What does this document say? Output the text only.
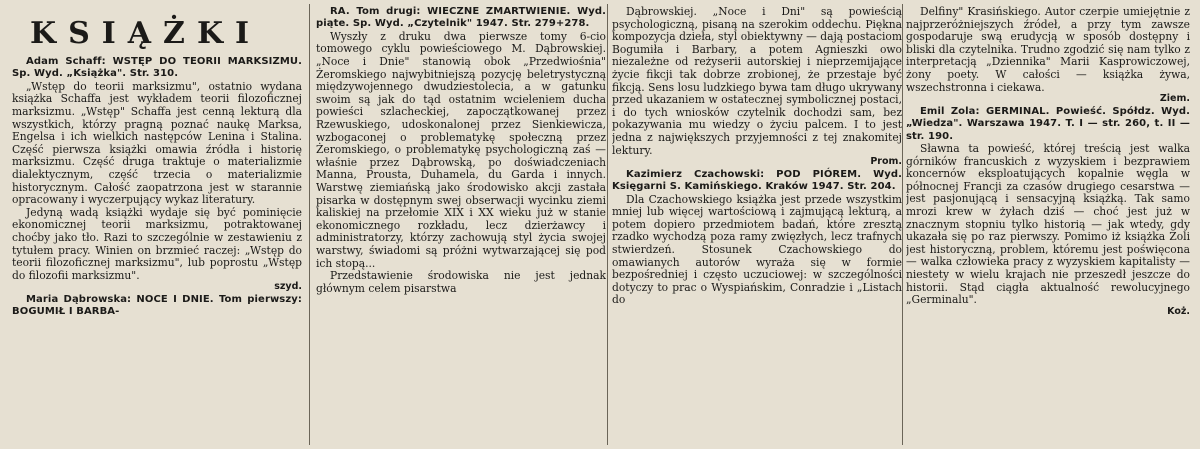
KSIĄŻKI

Adam Schaff: WSTĘP DO TEORII MARKSIZMU. Sp. Wyd. „Książka". Str. 310.

„Wstęp do teorii marksizmu", ostatnio wydana książka Schaffa jest wykładem teorii filozoficznej marksizmu. „Wstęp" Schaffa jest cenną lekturą dla wszystkich, którzy pragną poznać naukę Marksa, Engelsa i ich wielkich następców Lenina i Stalina. Część pierwsza książki omawia źródła i historię marksizmu. Część druga traktuje o materializmie dialektycznym, część trzecia o materializmie historycznym. Całość zaopatrzona jest w starannie opracowany i wyczerpujący wykaz literatury.

Jedyną wadą książki wydaje się być pominięcie ekonomicznej teorii marksizmu, potraktowanej choćby jako tło. Razi to szczególnie w zestawieniu z tytułem pracy. Winien on brzmieć raczej: „Wstęp do teorii filozoficznej marksizmu", lub poprostu „Wstęp do filozofii marksizmu".

szyd.

Maria Dąbrowska: NOCE I DNIE. Tom pierwszy: BOGUMIŁ I BARBA-

RA. Tom drugi: WIECZNE ZMARTWIENIE. Wyd. piąte. Sp. Wyd. „Czytelnik" 1947. Str. 279+278.

Wyszły z druku dwa pierwsze tomy 6-cio tomowego cyklu powieściowego M. Dąbrowskiej. „Noce i Dnie" stanowią obok „Przedwiośnia" Żeromskiego najwybitniejszą pozycję beletrystyczną międzywojennego dwudziestolecia, a w gatunku swoim są jak do tąd ostatnim wcieleniem ducha powieści szlacheckiej, zapoczątkowanej przez Rzewuskiego, udoskonalonej przez Sienkiewicza, wzbogaconej o problematykę społeczną przez Żeromskiego, o problematykę psychologiczną zaś — właśnie przez Dąbrowską, po doświadczeniach Manna, Prousta, Duhamela, du Garda i innych. Warstwę ziemiańską jako środowisko akcji zastała pisarka w dostępnym swej obserwacji wycinku ziemi kaliskiej na przełomie XIX i XX wieku już w stanie ekonomicznego rozkładu, lecz dzierżawcy i administratorzy, którzy zachowują styl życia swojej warstwy, świadomi są próżni wytwarzającej się pod ich stopą...

Przedstawienie środowiska nie jest jednak głównym celem pisarstwa

Dąbrowskiej. „Noce i Dni" są powieścią psychologiczną, pisaną na szerokim oddechu. Piękna kompozycja dzieła, styl obiektywny — dają postaciom Bogumiła i Barbary, a potem Agnieszki owo niezależne od reżyserii autorskiej i nieprzemijające życie fikcji tak dobrze zrobionej, że przestaje być fikcją. Sens losu ludzkiego bywa tam długo ukrywany przed ukazaniem w ostatecznej symbolicznej postaci, i do tych wniosków czytelnik dochodzi sam, bez pokazywania mu wiedzy o życiu palcem. I to jest jedna z największych przyjemności z tej znakomitej lektury.

Prom.

Kazimierz Czachowski: POD PIÓREM. Wyd. Księgarni S. Kamińskiego. Kraków 1947. Str. 204.

Dla Czachowskiego książka jest przede wszystkim mniej lub więcej wartościową i zajmującą lekturą, a potem dopiero przedmiotem badań, które zresztą rzadko wychodzą poza ramy zwięzłych, lecz trafnych stwierdzeń. Stosunek Czachowskiego do omawianych autorów wyraża się w formie bezpośredniej i często uczuciowej: w szczególności dotyczy to prac o Wyspiańskim, Conradzie i „Listach do

Delfiny" Krasińskiego. Autor czerpie umiejętnie z najprzeróżniejszych źródeł, a przy tym zawsze gospodaruje swą erudycją w sposób dostępny i bliski dla czytelnika. Trudno zgodzić się nam tylko z interpretacją „Dziennika" Marii Kasprowiczowej, żony poety. W całości — książka żywa, wszechstronna i ciekawa.

Ziem.

Emil Zola: GERMINAL. Powieść. Spółdz. Wyd. „Wiedza". Warszawa 1947. T. I — str. 260, t. II — str. 190.

Sławna ta powieść, której treścią jest walka górników francuskich z wyzyskiem i bezprawiem koncernów eksploatujących kopalnie węgla w północnej Francji za czasów drugiego cesarstwa — jest pasjonującą i sensacyjną książką. Tak samo mrozi krew w żyłach dziś — choć jest już w znacznym stopniu tylko historią — jak wtedy, gdy ukazała się po raz pierwszy. Pomimo iż książka Zoli jest historyczną, problem, któremu jest poświęcona — walka człowieka pracy z wyzyskiem kapitalisty — niestety w wielu krajach nie przeszedł jeszcze do historii. Stąd ciągła aktualność rewolucyjnego „Germinalu".

Koż.
